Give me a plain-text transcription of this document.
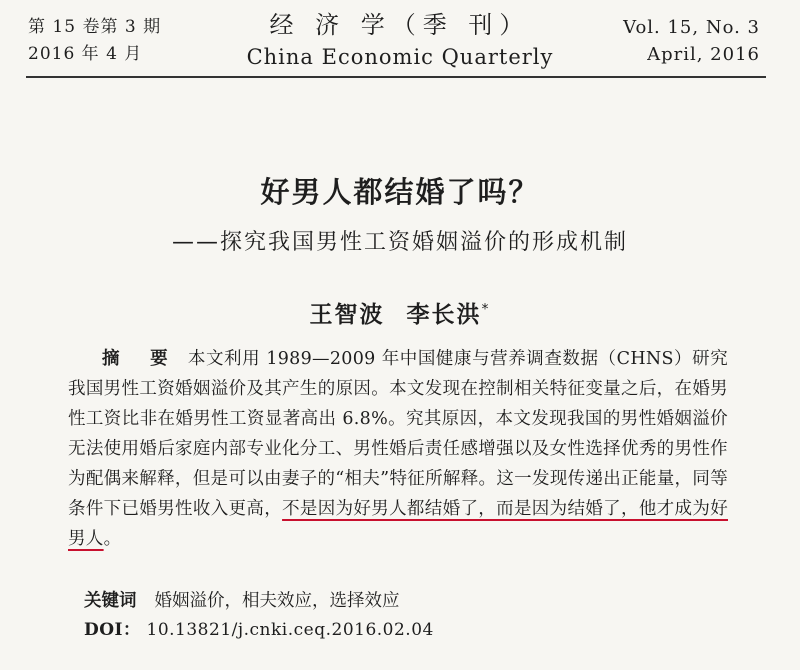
第 15 卷第 3 期
2016 年 4 月
经 济 学（季 刊）
China Economic Quarterly
Vol. 15, No. 3
April, 2016
好男人都结婚了吗？
——探究我国男性工资婚姻溢价的形成机制
王智波 李长洪*
摘 要 本文利用 1989—2009 年中国健康与营养调查数据（CHNS）研究我国男性工资婚姻溢价及其产生的原因。本文发现在控制相关特征变量之后，在婚男性工资比非在婚男性工资显著高出 6.8%。究其原因，本文发现我国的男性婚姻溢价无法使用婚后家庭内部专业化分工、男性婚后责任感增强以及女性选择优秀的男性作为配偶来解释，但是可以由妻子的“相夫”特征所解释。这一发现传递出正能量，同等条件下已婚男性收入更高，不是因为好男人都结婚了，而是因为结婚了，他才成为好男人。
关键词 婚姻溢价，相夫效应，选择效应
DOI： 10.13821/j.cnki.ceq.2016.02.04
